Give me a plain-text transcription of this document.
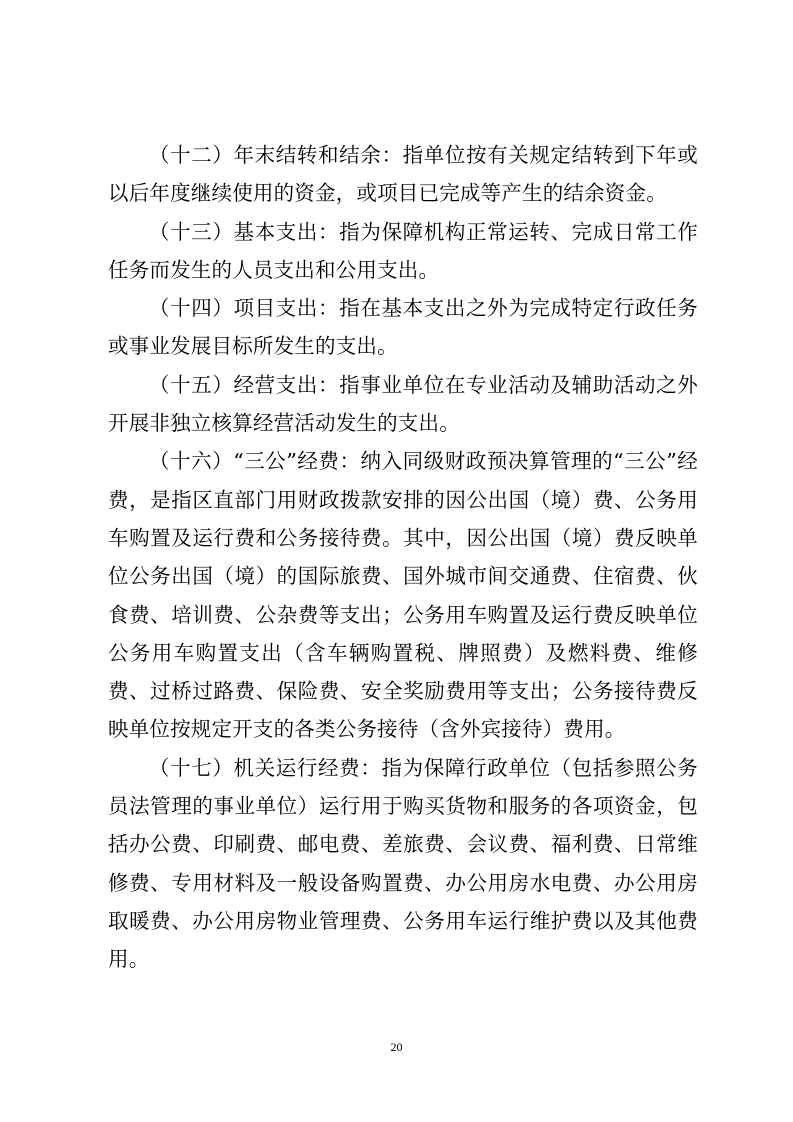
（十二）年末结转和结余：指单位按有关规定结转到下年或以后年度继续使用的资金，或项目已完成等产生的结余资金。

（十三）基本支出：指为保障机构正常运转、完成日常工作任务而发生的人员支出和公用支出。

（十四）项目支出：指在基本支出之外为完成特定行政任务或事业发展目标所发生的支出。

（十五）经营支出：指事业单位在专业活动及辅助活动之外开展非独立核算经营活动发生的支出。

（十六）“三公”经费：纳入同级财政预决算管理的“三公”经费，是指区直部门用财政拨款安排的因公出国（境）费、公务用车购置及运行费和公务接待费。其中，因公出国（境）费反映单位公务出国（境）的国际旅费、国外城市间交通费、住宿费、伙食费、培训费、公杂费等支出；公务用车购置及运行费反映单位公务用车购置支出（含车辆购置税、牌照费）及燃料费、维修费、过桥过路费、保险费、安全奖励费用等支出；公务接待费反映单位按规定开支的各类公务接待（含外宾接待）费用。

（十七）机关运行经费：指为保障行政单位（包括参照公务员法管理的事业单位）运行用于购买货物和服务的各项资金，包括办公费、印刷费、邮电费、差旅费、会议费、福利费、日常维修费、专用材料及一般设备购置费、办公用房水电费、办公用房取暖费、办公用房物业管理费、公务用车运行维护费以及其他费用。

20
